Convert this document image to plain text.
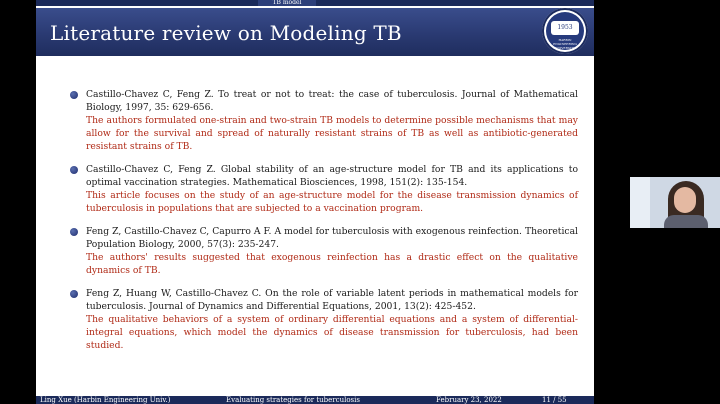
TB model
Literature review on Modeling TB	1953
HARBIN ENGINEERING UNIVERSITY
Castillo-Chavez C, Feng Z. To treat or not to treat: the case of tuberculosis. Journal of Mathematical Biology, 1997, 35: 629-656.
The authors formulated one-strain and two-strain TB models to determine possible mechanisms that may allow for the survival and spread of naturally resistant strains of TB as well as antibiotic-generated resistant strains of TB.
Castillo-Chavez C, Feng Z. Global stability of an age-structure model for TB and its applications to optimal vaccination strategies. Mathematical Biosciences, 1998, 151(2): 135-154.
This article focuses on the study of an age-structure model for the disease transmission dynamics of tuberculosis in populations that are subjected to a vaccination program.
Feng Z, Castillo-Chavez C, Capurro A F. A model for tuberculosis with exogenous reinfection. Theoretical Population Biology, 2000, 57(3): 235-247.
The authors' results suggested that exogenous reinfection has a drastic effect on the qualitative dynamics of TB.
Feng Z, Huang W, Castillo-Chavez C. On the role of variable latent periods in mathematical models for tuberculosis. Journal of Dynamics and Differential Equations, 2001, 13(2): 425-452.
The qualitative behaviors of a system of ordinary differential equations and a system of differential-integral equations, which model the dynamics of disease transmission for tuberculosis, had been studied.
Ling Xue (Harbin Engineering Univ.)	Evaluating strategies for tuberculosis	February 23, 2022	11 / 55
